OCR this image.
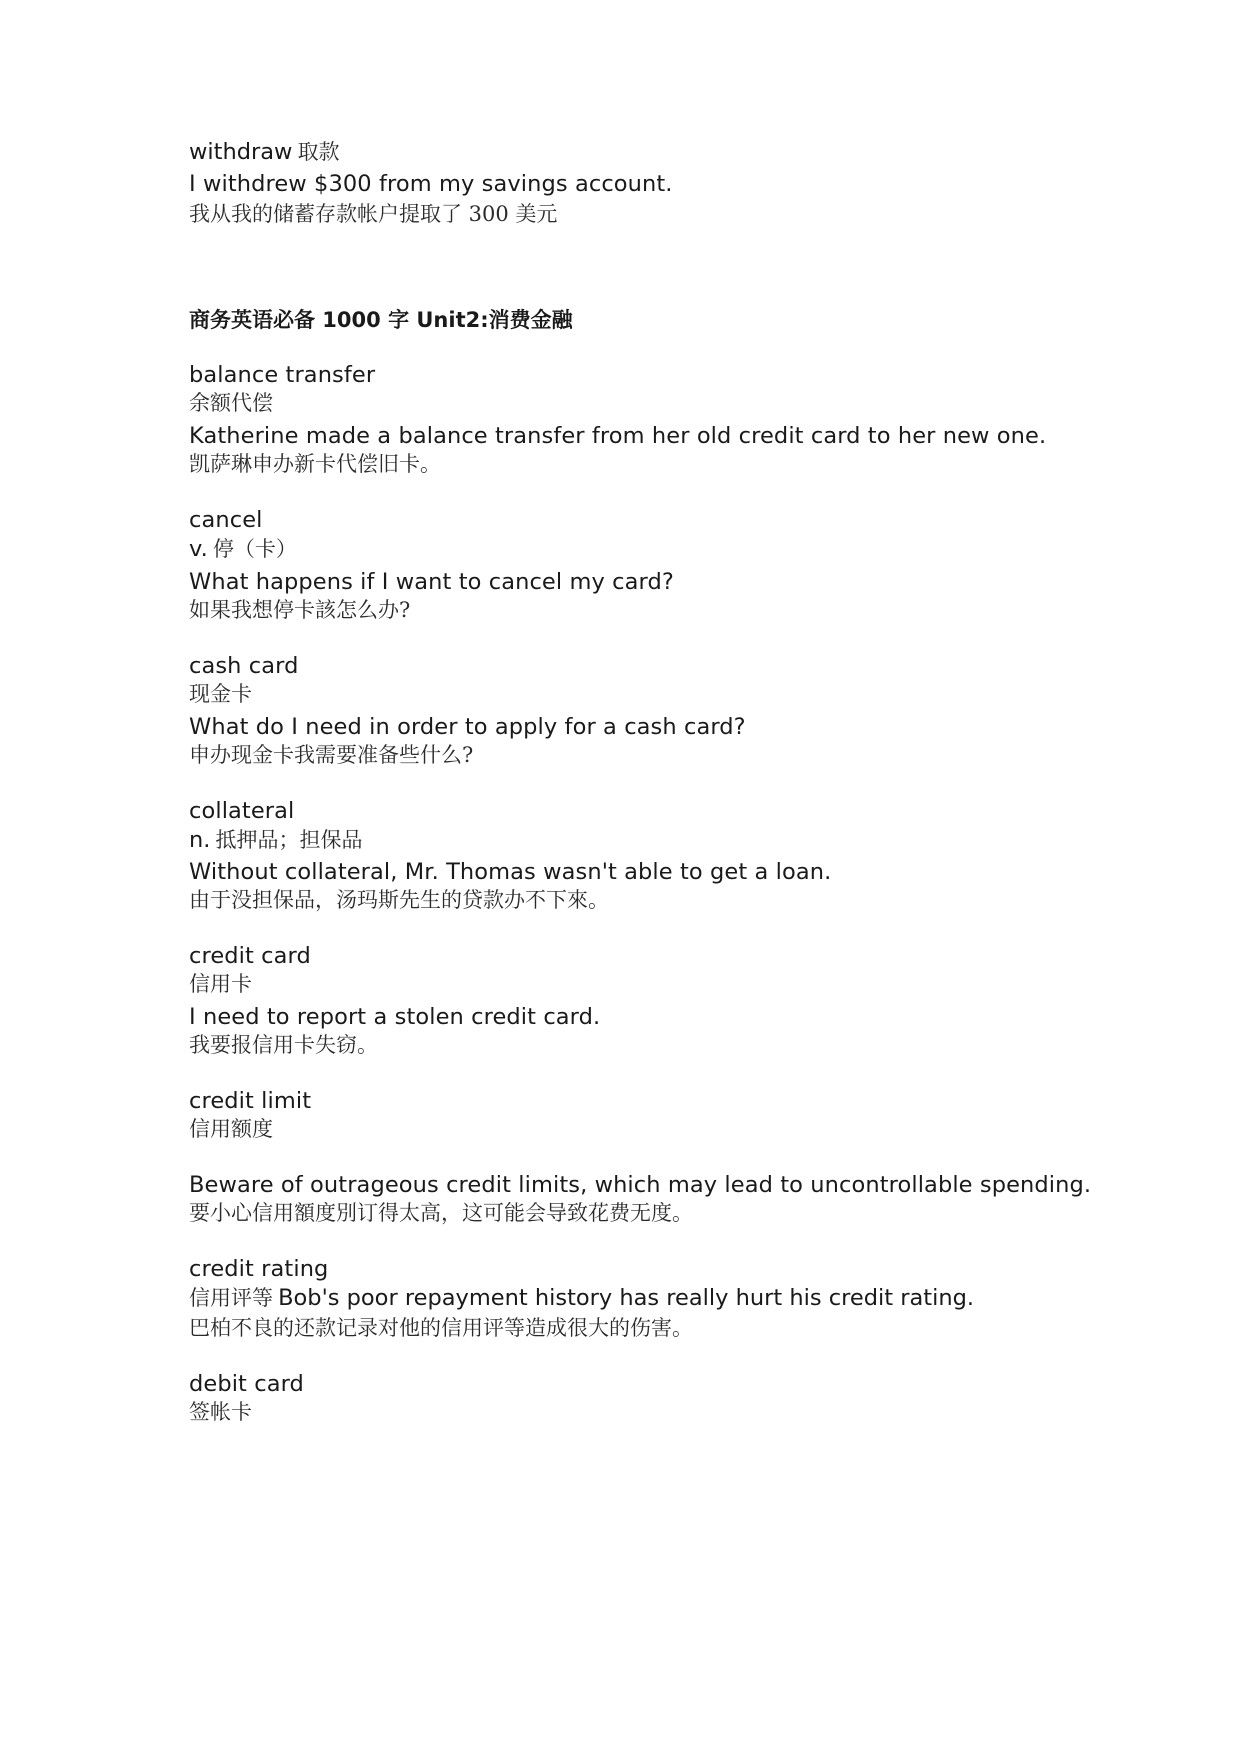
withdraw 取款
I withdrew $300 from my savings account.
我从我的储蓄存款帐户提取了 300 美元
商务英语必备 1000 字 Unit2:消费金融
balance transfer
余额代偿
Katherine made a balance transfer from her old credit card to her new one.
凯萨琳申办新卡代偿旧卡。
cancel
v. 停（卡）
What happens if I want to cancel my card?
如果我想停卡該怎么办?
cash card
现金卡
What do I need in order to apply for a cash card?
申办现金卡我需要准备些什么?
collateral
n. 抵押品；担保品
Without collateral, Mr. Thomas wasn't able to get a loan.
由于没担保品，汤玛斯先生的贷款办不下來。
credit card
信用卡
I need to report a stolen credit card.
我要报信用卡失窃。
credit limit
信用额度
Beware of outrageous credit limits, which may lead to uncontrollable spending.
要小心信用額度別订得太高，这可能会导致花费无度。
credit rating
信用评等 Bob's poor repayment history has really hurt his credit rating.
巴柏不良的还款记录对他的信用评等造成很大的伤害。
debit card
签帐卡
